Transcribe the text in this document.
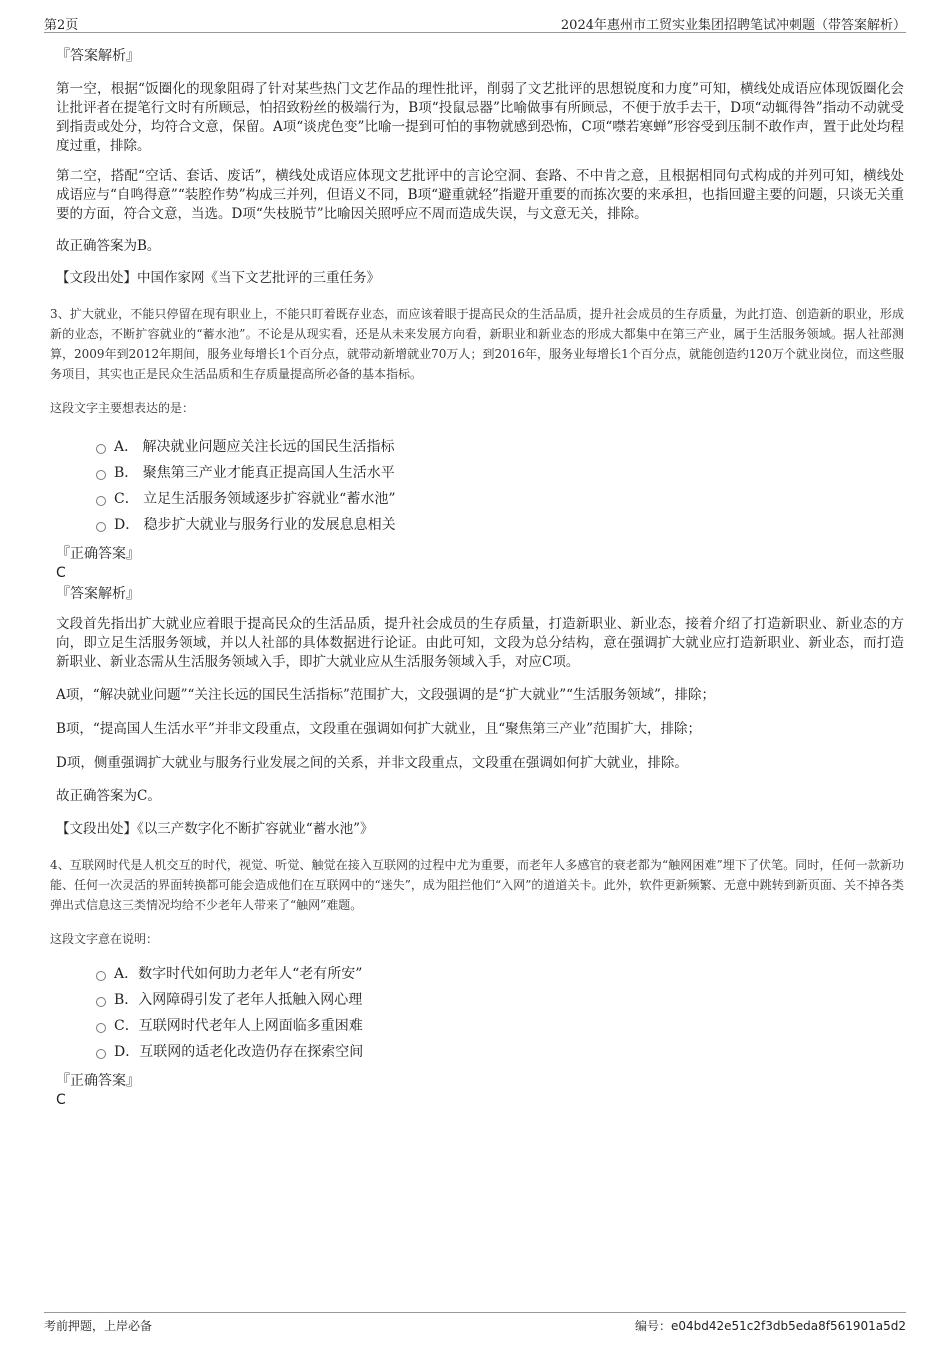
第2页	2024年惠州市工贸实业集团招聘笔试冲刺题（带答案解析）

『答案解析』

第一空，根据“饭圈化的现象阻碍了针对某些热门文艺作品的理性批评，削弱了文艺批评的思想锐度和力度”可知，横线处成语应体现饭圈化会让批评者在提笔行文时有所顾忌，怕招致粉丝的极端行为，B项“投鼠忌器”比喻做事有所顾忌，不便于放手去干，D项“动辄得咎”指动不动就受到指责或处分，均符合文意，保留。A项“谈虎色变”比喻一提到可怕的事物就感到恐怖，C项“噤若寒蝉”形容受到压制不敢作声，置于此处均程度过重，排除。

第二空，搭配“空话、套话、废话”，横线处成语应体现文艺批评中的言论空洞、套路、不中肯之意，且根据相同句式构成的并列可知，横线处成语应与“自鸣得意”“装腔作势”构成三并列，但语义不同，B项“避重就轻”指避开重要的而拣次要的来承担，也指回避主要的问题，只谈无关重要的方面，符合文意，当选。D项“失枝脱节”比喻因关照呼应不周而造成失误，与文意无关，排除。

故正确答案为B。

【文段出处】中国作家网《当下文艺批评的三重任务》

3、扩大就业，不能只停留在现有职业上，不能只盯着既存业态，而应该着眼于提高民众的生活品质，提升社会成员的生存质量，为此打造、创造新的职业，形成新的业态，不断扩容就业的“蓄水池”。不论是从现实看，还是从未来发展方向看，新职业和新业态的形成大都集中在第三产业，属于生活服务领域。据人社部测算，2009年到2012年期间，服务业每增长1个百分点，就带动新增就业70万人；到2016年，服务业每增长1个百分点，就能创造约120万个就业岗位，而这些服务项目，其实也正是民众生活品质和生存质量提高所必备的基本指标。

这段文字主要想表达的是：

A． 解决就业问题应关注长远的国民生活指标
B． 聚焦第三产业才能真正提高国人生活水平
C． 立足生活服务领域逐步扩容就业“蓄水池”
D． 稳步扩大就业与服务行业的发展息息相关

『正确答案』

C

『答案解析』

文段首先指出扩大就业应着眼于提高民众的生活品质，提升社会成员的生存质量，打造新职业、新业态，接着介绍了打造新职业、新业态的方向，即立足生活服务领域，并以人社部的具体数据进行论证。由此可知，文段为总分结构，意在强调扩大就业应打造新职业、新业态，而打造新职业、新业态需从生活服务领域入手，即扩大就业应从生活服务领域入手，对应C项。

A项，“解决就业问题”“关注长远的国民生活指标”范围扩大，文段强调的是“扩大就业”“生活服务领域”，排除；

B项，“提高国人生活水平”并非文段重点，文段重在强调如何扩大就业，且“聚焦第三产业”范围扩大，排除；

D项，侧重强调扩大就业与服务行业发展之间的关系，并非文段重点，文段重在强调如何扩大就业，排除。

故正确答案为C。

【文段出处】《以三产数字化不断扩容就业“蓄水池”》

4、互联网时代是人机交互的时代，视觉、听觉、触觉在接入互联网的过程中尤为重要，而老年人多感官的衰老都为“触网困难”埋下了伏笔。同时，任何一款新功能、任何一次灵活的界面转换都可能会造成他们在互联网中的“迷失”，成为阻拦他们“入网”的道道关卡。此外，软件更新频繁、无意中跳转到新页面、关不掉各类弹出式信息这三类情况均给不少老年人带来了“触网”难题。

这段文字意在说明：

A．数字时代如何助力老年人“老有所安”
B．入网障碍引发了老年人抵触入网心理
C．互联网时代老年人上网面临多重困难
D．互联网的适老化改造仍存在探索空间

『正确答案』

C

考前押题，上岸必备	编号：e04bd42e51c2f3db5eda8f561901a5d2
